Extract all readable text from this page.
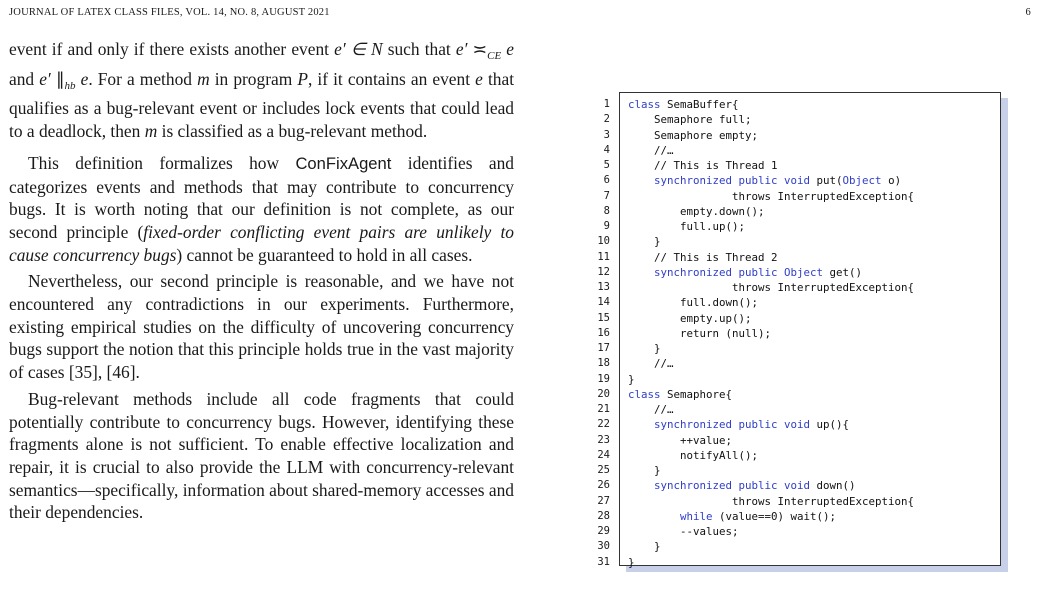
JOURNAL OF LATEX CLASS FILES, VOL. 14, NO. 8, AUGUST 2021	6

event if and only if there exists another event e′ ∈ N such that e′ $≍_{CE}$ e and e′ $\parallel_{hb}$ e. For a method m in program P, if it contains an event e that qualifies as a bug-relevant event or includes lock events that could lead to a deadlock, then m is classified as a bug-relevant method.

This definition formalizes how ConFixAgent identifies and categorizes events and methods that may contribute to concurrency bugs. It is worth noting that our definition is not complete, as our second principle (fixed-order conflicting event pairs are unlikely to cause concurrency bugs) cannot be guaranteed to hold in all cases.

Nevertheless, our second principle is reasonable, and we have not encountered any contradictions in our experiments. Furthermore, existing empirical studies on the difficulty of uncovering concurrency bugs support the notion that this principle holds true in the vast majority of cases [35], [46].

Bug-relevant methods include all code fragments that could potentially contribute to concurrency bugs. However, identifying these fragments alone is not sufficient. To enable effective localization and repair, it is crucial to also provide the LLM with concurrency-relevant semantics—specifically, information about shared-memory accesses and their dependencies.

1
2
3
4
5
6
7
8
9
10
11
12
13
14
15
16
17
18
19
20
21
22
23
24
25
26
27
28
29
30
31
class SemaBuffer{
Semaphore full;
Semaphore empty;
//…
// This is Thread 1
synchronized public void put(Object o)
throws InterruptedException{
empty.down();
full.up();
}
// This is Thread 2
synchronized public Object get()
throws InterruptedException{
full.down();
empty.up();
return (null);
}
//…
}
class Semaphore{
//…
synchronized public void up(){
++value;
notifyAll();
}
synchronized public void down()
throws InterruptedException{
while (value==0) wait();
--values;
}
}
